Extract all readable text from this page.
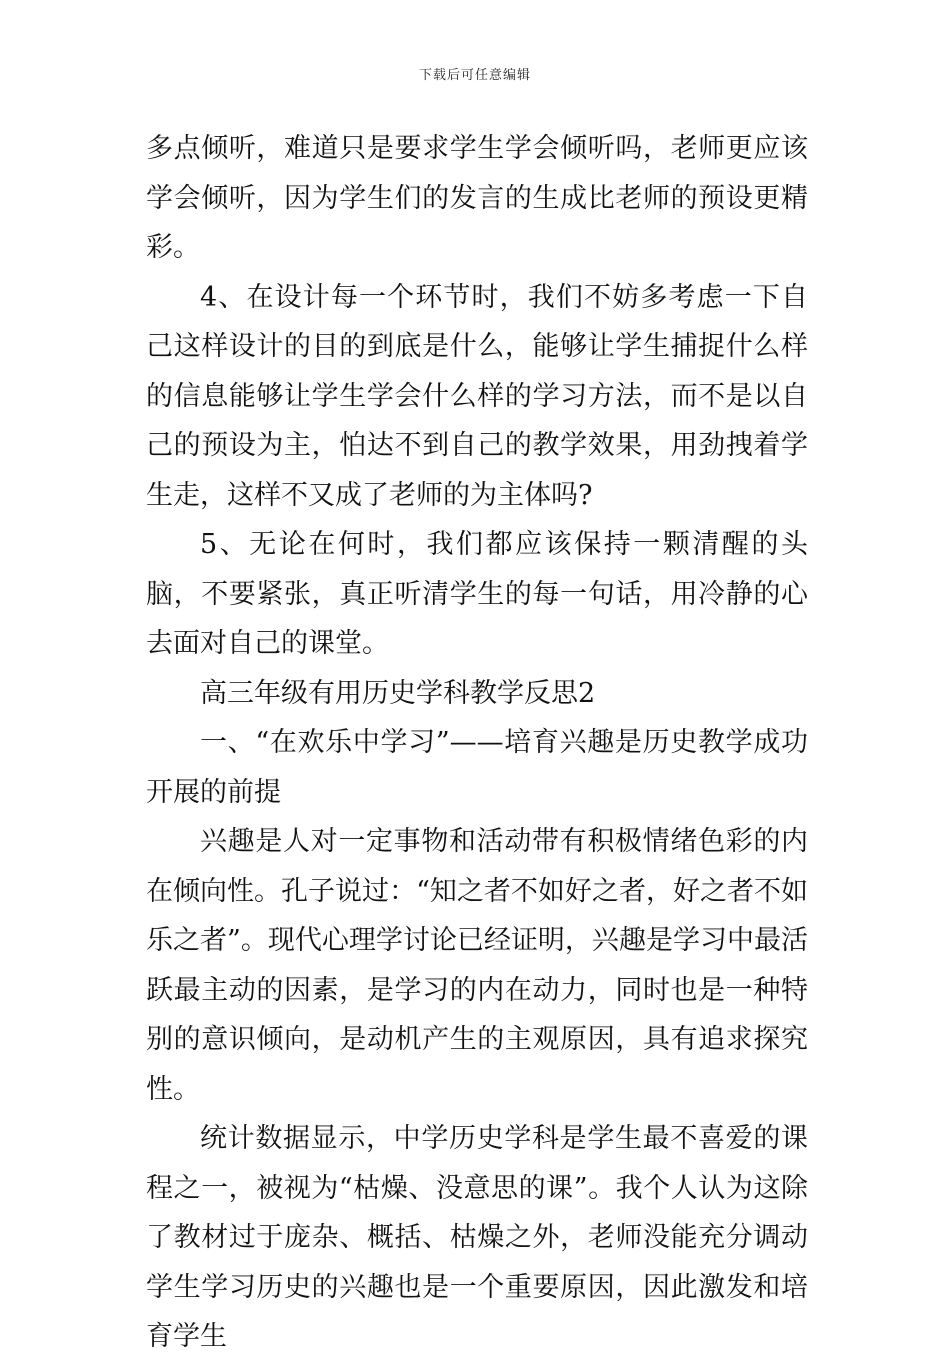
下载后可任意编辑

多点倾听，难道只是要求学生学会倾听吗，老师更应该学会倾听，因为学生们的发言的生成比老师的预设更精彩。

4、在设计每一个环节时，我们不妨多考虑一下自己这样设计的目的到底是什么，能够让学生捕捉什么样的信息能够让学生学会什么样的学习方法，而不是以自己的预设为主，怕达不到自己的教学效果，用劲拽着学生走，这样不又成了老师的为主体吗?

5、无论在何时，我们都应该保持一颗清醒的头脑，不要紧张，真正听清学生的每一句话，用冷静的心去面对自己的课堂。

高三年级有用历史学科教学反思2

一、“在欢乐中学习”——培育兴趣是历史教学成功开展的前提

兴趣是人对一定事物和活动带有积极情绪色彩的内在倾向性。孔子说过：“知之者不如好之者，好之者不如乐之者”。现代心理学讨论已经证明，兴趣是学习中最活跃最主动的因素，是学习的内在动力，同时也是一种特别的意识倾向，是动机产生的主观原因，具有追求探究性。

统计数据显示，中学历史学科是学生最不喜爱的课程之一，被视为“枯燥、没意思的课”。我个人认为这除了教材过于庞杂、概括、枯燥之外，老师没能充分调动学生学习历史的兴趣也是一个重要原因，因此激发和培育学生
